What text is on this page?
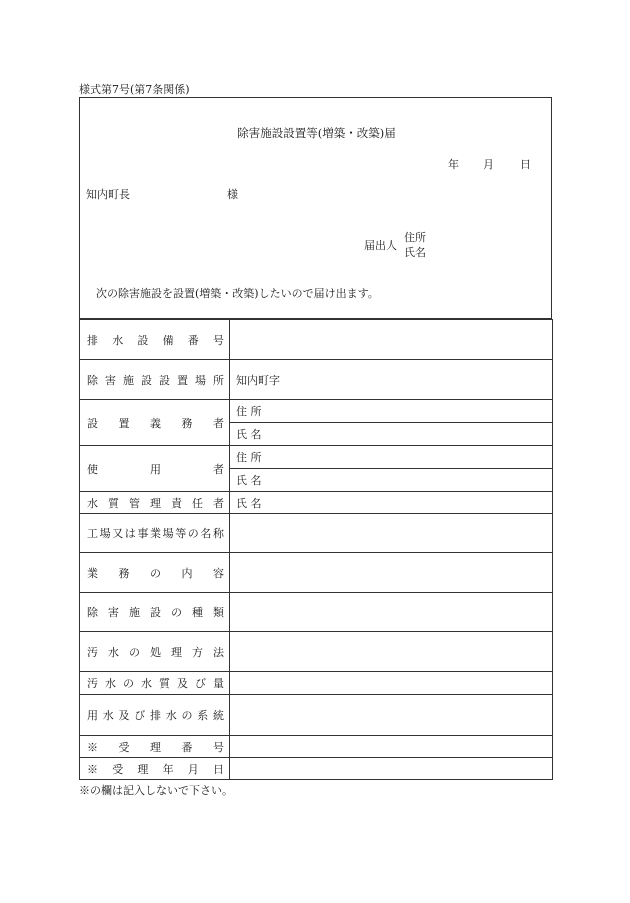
様式第7号(第7条関係)
除害施設設置等(増築・改築)届
年 月 日
知内町長	様
届出人
住所
氏名
次の除害施設を設置(増築・改築)したいので届け出ます。
排水設備番号	

除害施設設置場所	知内町字

設置義務者	住 所
	氏 名

使用者	住 所
	氏 名

水質管理責任者	氏 名

工場又は事業場等の名称	

業務の内容	

除害施設の種類	

汚水の処理方法	

汚水の水質及び量	

用水及び排水の系統	

※受理番号	

※受理年月日	

※の欄は記入しないで下さい。
